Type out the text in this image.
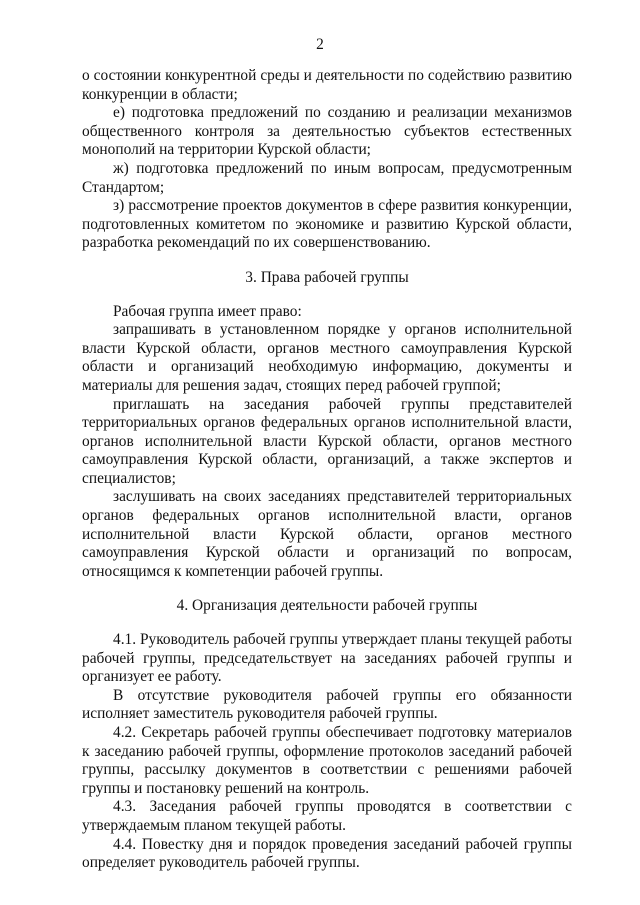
2

о состоянии конкурентной среды и деятельности по содействию развитию конкуренции в области;

е) подготовка предложений по созданию и реализации механизмов общественного контроля за деятельностью субъектов естественных монополий на территории Курской области;

ж) подготовка предложений по иным вопросам, предусмотренным Стандартом;

з) рассмотрение проектов документов в сфере развития конкуренции, подготовленных комитетом по экономике и развитию Курской области, разработка рекомендаций по их совершенствованию.

3. Права рабочей группы

Рабочая группа имеет право:

запрашивать в установленном порядке у органов исполнительной власти Курской области, органов местного самоуправления Курской области и организаций необходимую информацию, документы и материалы для решения задач, стоящих перед рабочей группой;

приглашать на заседания рабочей группы представителей территориальных органов федеральных органов исполнительной власти, органов исполнительной власти Курской области, органов местного самоуправления Курской области, организаций, а также экспертов и специалистов;

заслушивать на своих заседаниях представителей территориальных органов федеральных органов исполнительной власти, органов исполнительной власти Курской области, органов местного самоуправления Курской области и организаций по вопросам, относящимся к компетенции рабочей группы.

4. Организация деятельности рабочей группы

4.1. Руководитель рабочей группы утверждает планы текущей работы рабочей группы, председательствует на заседаниях рабочей группы и организует ее работу.

В отсутствие руководителя рабочей группы его обязанности исполняет заместитель руководителя рабочей группы.

4.2. Секретарь рабочей группы обеспечивает подготовку материалов к заседанию рабочей группы, оформление протоколов заседаний рабочей группы, рассылку документов в соответствии с решениями рабочей группы и постановку решений на контроль.

4.3. Заседания рабочей группы проводятся в соответствии с утверждаемым планом текущей работы.

4.4. Повестку дня и порядок проведения заседаний рабочей группы определяет руководитель рабочей группы.
